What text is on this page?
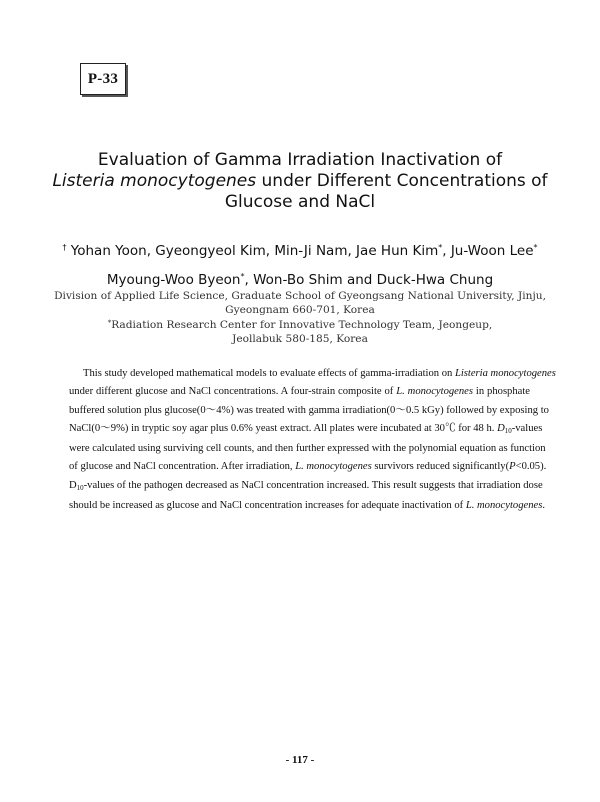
P-33
Evaluation of Gamma Irradiation Inactivation of
Listeria monocytogenes under Different Concentrations of
Glucose and NaCl
† Yohan Yoon, Gyeongyeol Kim, Min-Ji Nam, Jae Hun Kim*, Ju-Woon Lee*
Myoung-Woo Byeon*, Won-Bo Shim and Duck-Hwa Chung
Division of Applied Life Science, Graduate School of Gyeongsang National University, Jinju,
Gyeongnam 660-701, Korea
*Radiation Research Center for Innovative Technology Team, Jeongeup,
Jeollabuk 580-185, Korea
This study developed mathematical models to evaluate effects of gamma-irradiation on Listeria monocytogenes
under different glucose and NaCl concentrations. A four-strain composite of L. monocytogenes in phosphate
buffered solution plus glucose(0～4%) was treated with gamma irradiation(0～0.5 kGy) followed by exposing to
NaCl(0～9%) in tryptic soy agar plus 0.6% yeast extract. All plates were incubated at 30℃ for 48 h. $D_{10}$-values
were calculated using surviving cell counts, and then further expressed with the polynomial equation as function
of glucose and NaCl concentration. After irradiation, L. monocytogenes survivors reduced significantly(P<0.05).
$D_{10}$-values of the pathogen decreased as NaCl concentration increased. This result suggests that irradiation dose
should be increased as glucose and NaCl concentration increases for adequate inactivation of L. monocytogenes.
- 117 -
